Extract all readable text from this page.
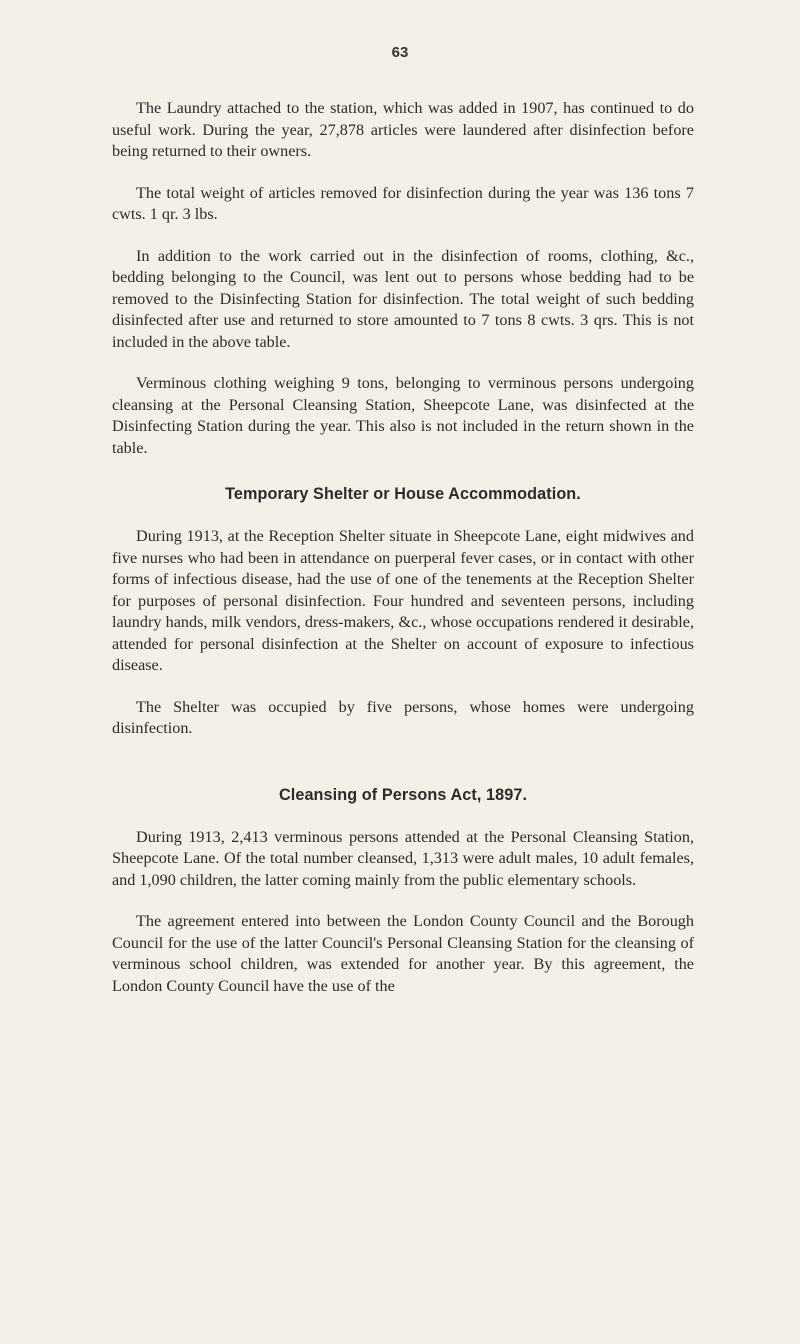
63

The Laundry attached to the station, which was added in 1907, has continued to do useful work. During the year, 27,878 articles were laundered after disinfection before being returned to their owners.

The total weight of articles removed for disinfection during the year was 136 tons 7 cwts. 1 qr. 3 lbs.

In addition to the work carried out in the disinfection of rooms, clothing, &c., bedding belonging to the Council, was lent out to persons whose bedding had to be removed to the Disinfecting Station for disinfection. The total weight of such bedding disinfected after use and returned to store amounted to 7 tons 8 cwts. 3 qrs. This is not included in the above table.

Verminous clothing weighing 9 tons, belonging to verminous persons undergoing cleansing at the Personal Cleansing Station, Sheepcote Lane, was disinfected at the Disinfecting Station during the year. This also is not included in the return shown in the table.

Temporary Shelter or House Accommodation.

During 1913, at the Reception Shelter situate in Sheepcote Lane, eight midwives and five nurses who had been in attendance on puerperal fever cases, or in contact with other forms of infectious disease, had the use of one of the tenements at the Reception Shelter for purposes of personal disinfection. Four hundred and seventeen persons, including laundry hands, milk vendors, dress-makers, &c., whose occupations rendered it desirable, attended for personal disinfection at the Shelter on account of exposure to infectious disease.

The Shelter was occupied by five persons, whose homes were undergoing disinfection.

Cleansing of Persons Act, 1897.

During 1913, 2,413 verminous persons attended at the Personal Cleansing Station, Sheepcote Lane. Of the total number cleansed, 1,313 were adult males, 10 adult females, and 1,090 children, the latter coming mainly from the public elementary schools.

The agreement entered into between the London County Council and the Borough Council for the use of the latter Council's Personal Cleansing Station for the cleansing of verminous school children, was extended for another year. By this agreement, the London County Council have the use of the
